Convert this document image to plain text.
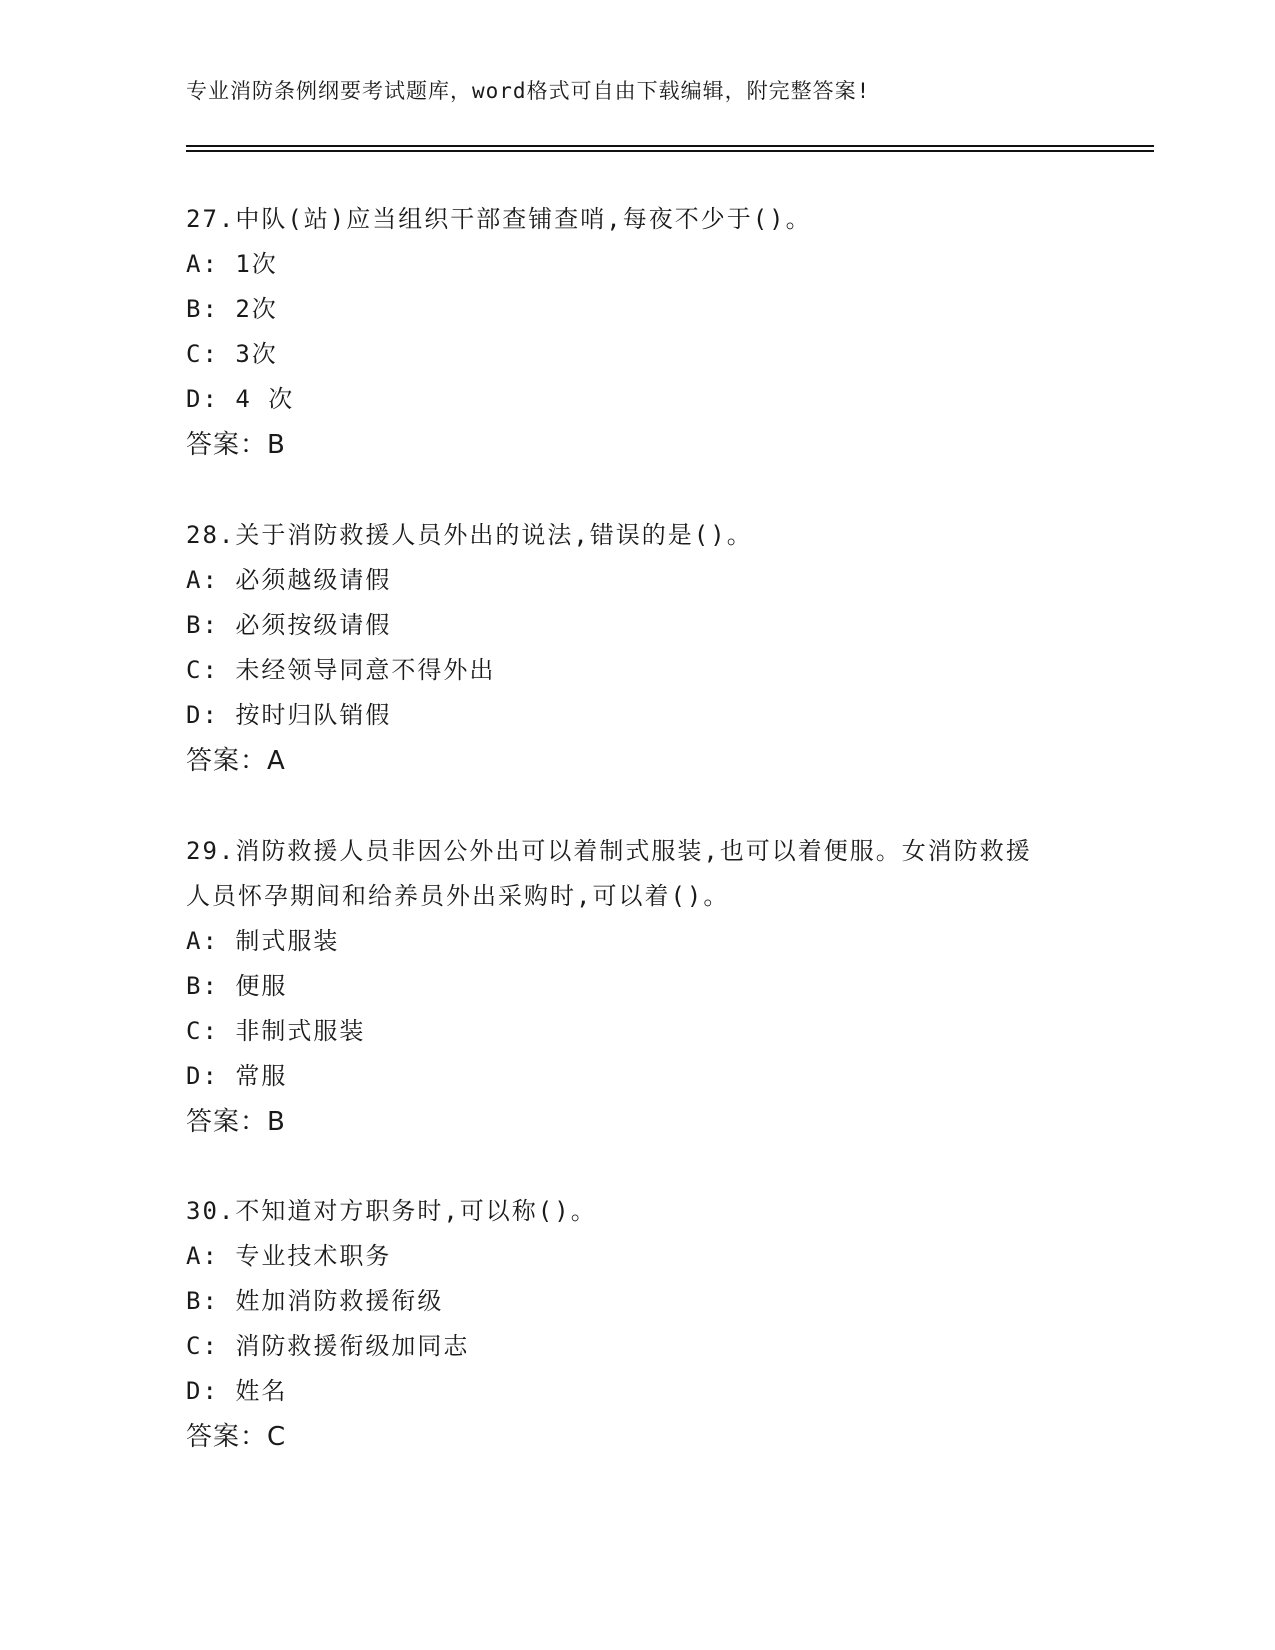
专业消防条例纲要考试题库，word格式可自由下载编辑，附完整答案!

27.中队(站)应当组织干部查铺查哨,每夜不少于()。

A: 1次

B: 2次

C: 3次

D: 4 次

答案：B

28.关于消防救援人员外出的说法,错误的是()。

A: 必须越级请假

B: 必须按级请假

C: 未经领导同意不得外出

D: 按时归队销假

答案：A

29.消防救援人员非因公外出可以着制式服装,也可以着便服。女消防救援人员怀孕期间和给养员外出采购时,可以着()。

A: 制式服装

B: 便服

C: 非制式服装

D: 常服

答案：B

30.不知道对方职务时,可以称()。

A: 专业技术职务

B: 姓加消防救援衔级

C: 消防救援衔级加同志

D: 姓名

答案：C
